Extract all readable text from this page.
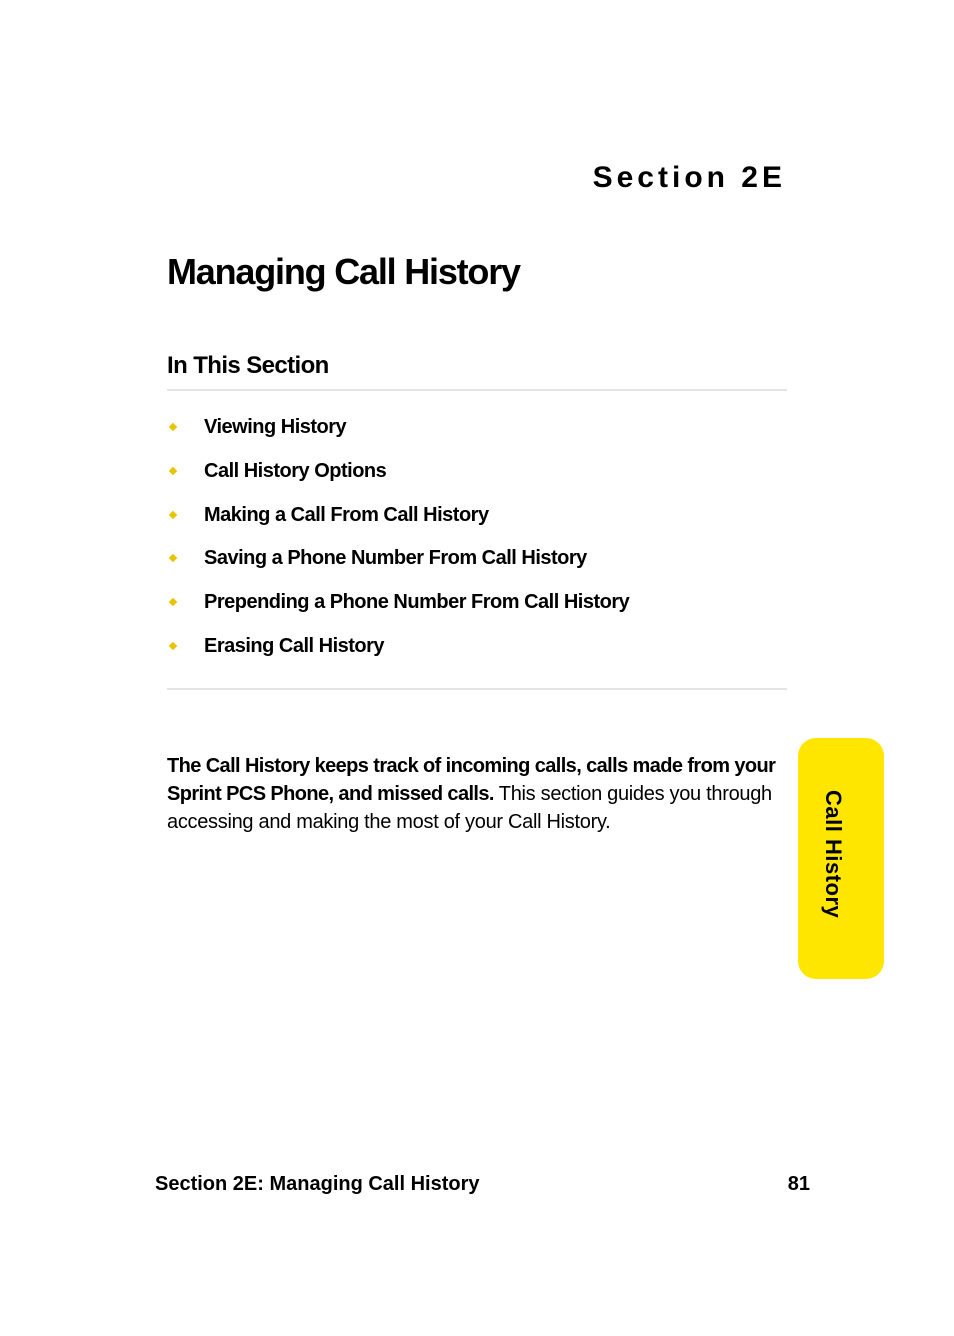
Section 2E
Managing Call History
In This Section
Viewing History
Call History Options
Making a Call From Call History
Saving a Phone Number From Call History
Prepending a Phone Number From Call History
Erasing Call History

The Call History keeps track of incoming calls, calls made from your Sprint PCS Phone, and missed calls. This section guides you through accessing and making the most of your Call History.	Call History
Section 2E: Managing Call History	81
